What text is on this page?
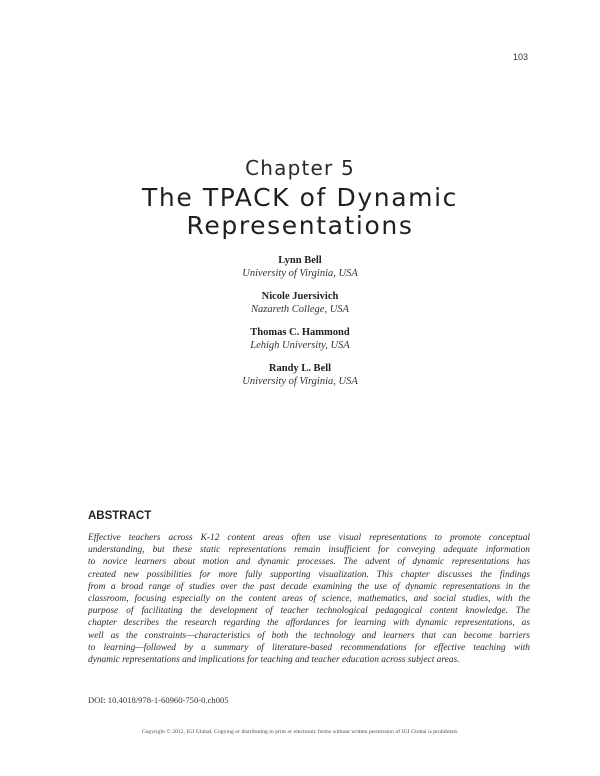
103
Chapter 5
The TPACK of Dynamic
Representations
Lynn Bell
University of Virginia, USA
Nicole Juersivich
Nazareth College, USA
Thomas C. Hammond
Lehigh University, USA
Randy L. Bell
University of Virginia, USA
ABSTRACT
Effective teachers across K-12 content areas often use visual representations to promote conceptual
understanding, but these static representations remain insufficient for conveying adequate information
to novice learners about motion and dynamic processes. The advent of dynamic representations has
created new possibilities for more fully supporting visualization. This chapter discusses the findings
from a broad range of studies over the past decade examining the use of dynamic representations in the
classroom, focusing especially on the content areas of science, mathematics, and social studies, with the
purpose of facilitating the development of teacher technological pedagogical content knowledge. The
chapter describes the research regarding the affordances for learning with dynamic representations, as
well as the constraints—characteristics of both the technology and learners that can become barriers
to learning—followed by a summary of literature-based recommendations for effective teaching with
dynamic representations and implications for teaching and teacher education across subject areas.
DOI: 10.4018/978-1-60960-750-0.ch005
Copyright © 2012, IGI Global. Copying or distributing in print or electronic forms without written permission of IGI Global is prohibited.
